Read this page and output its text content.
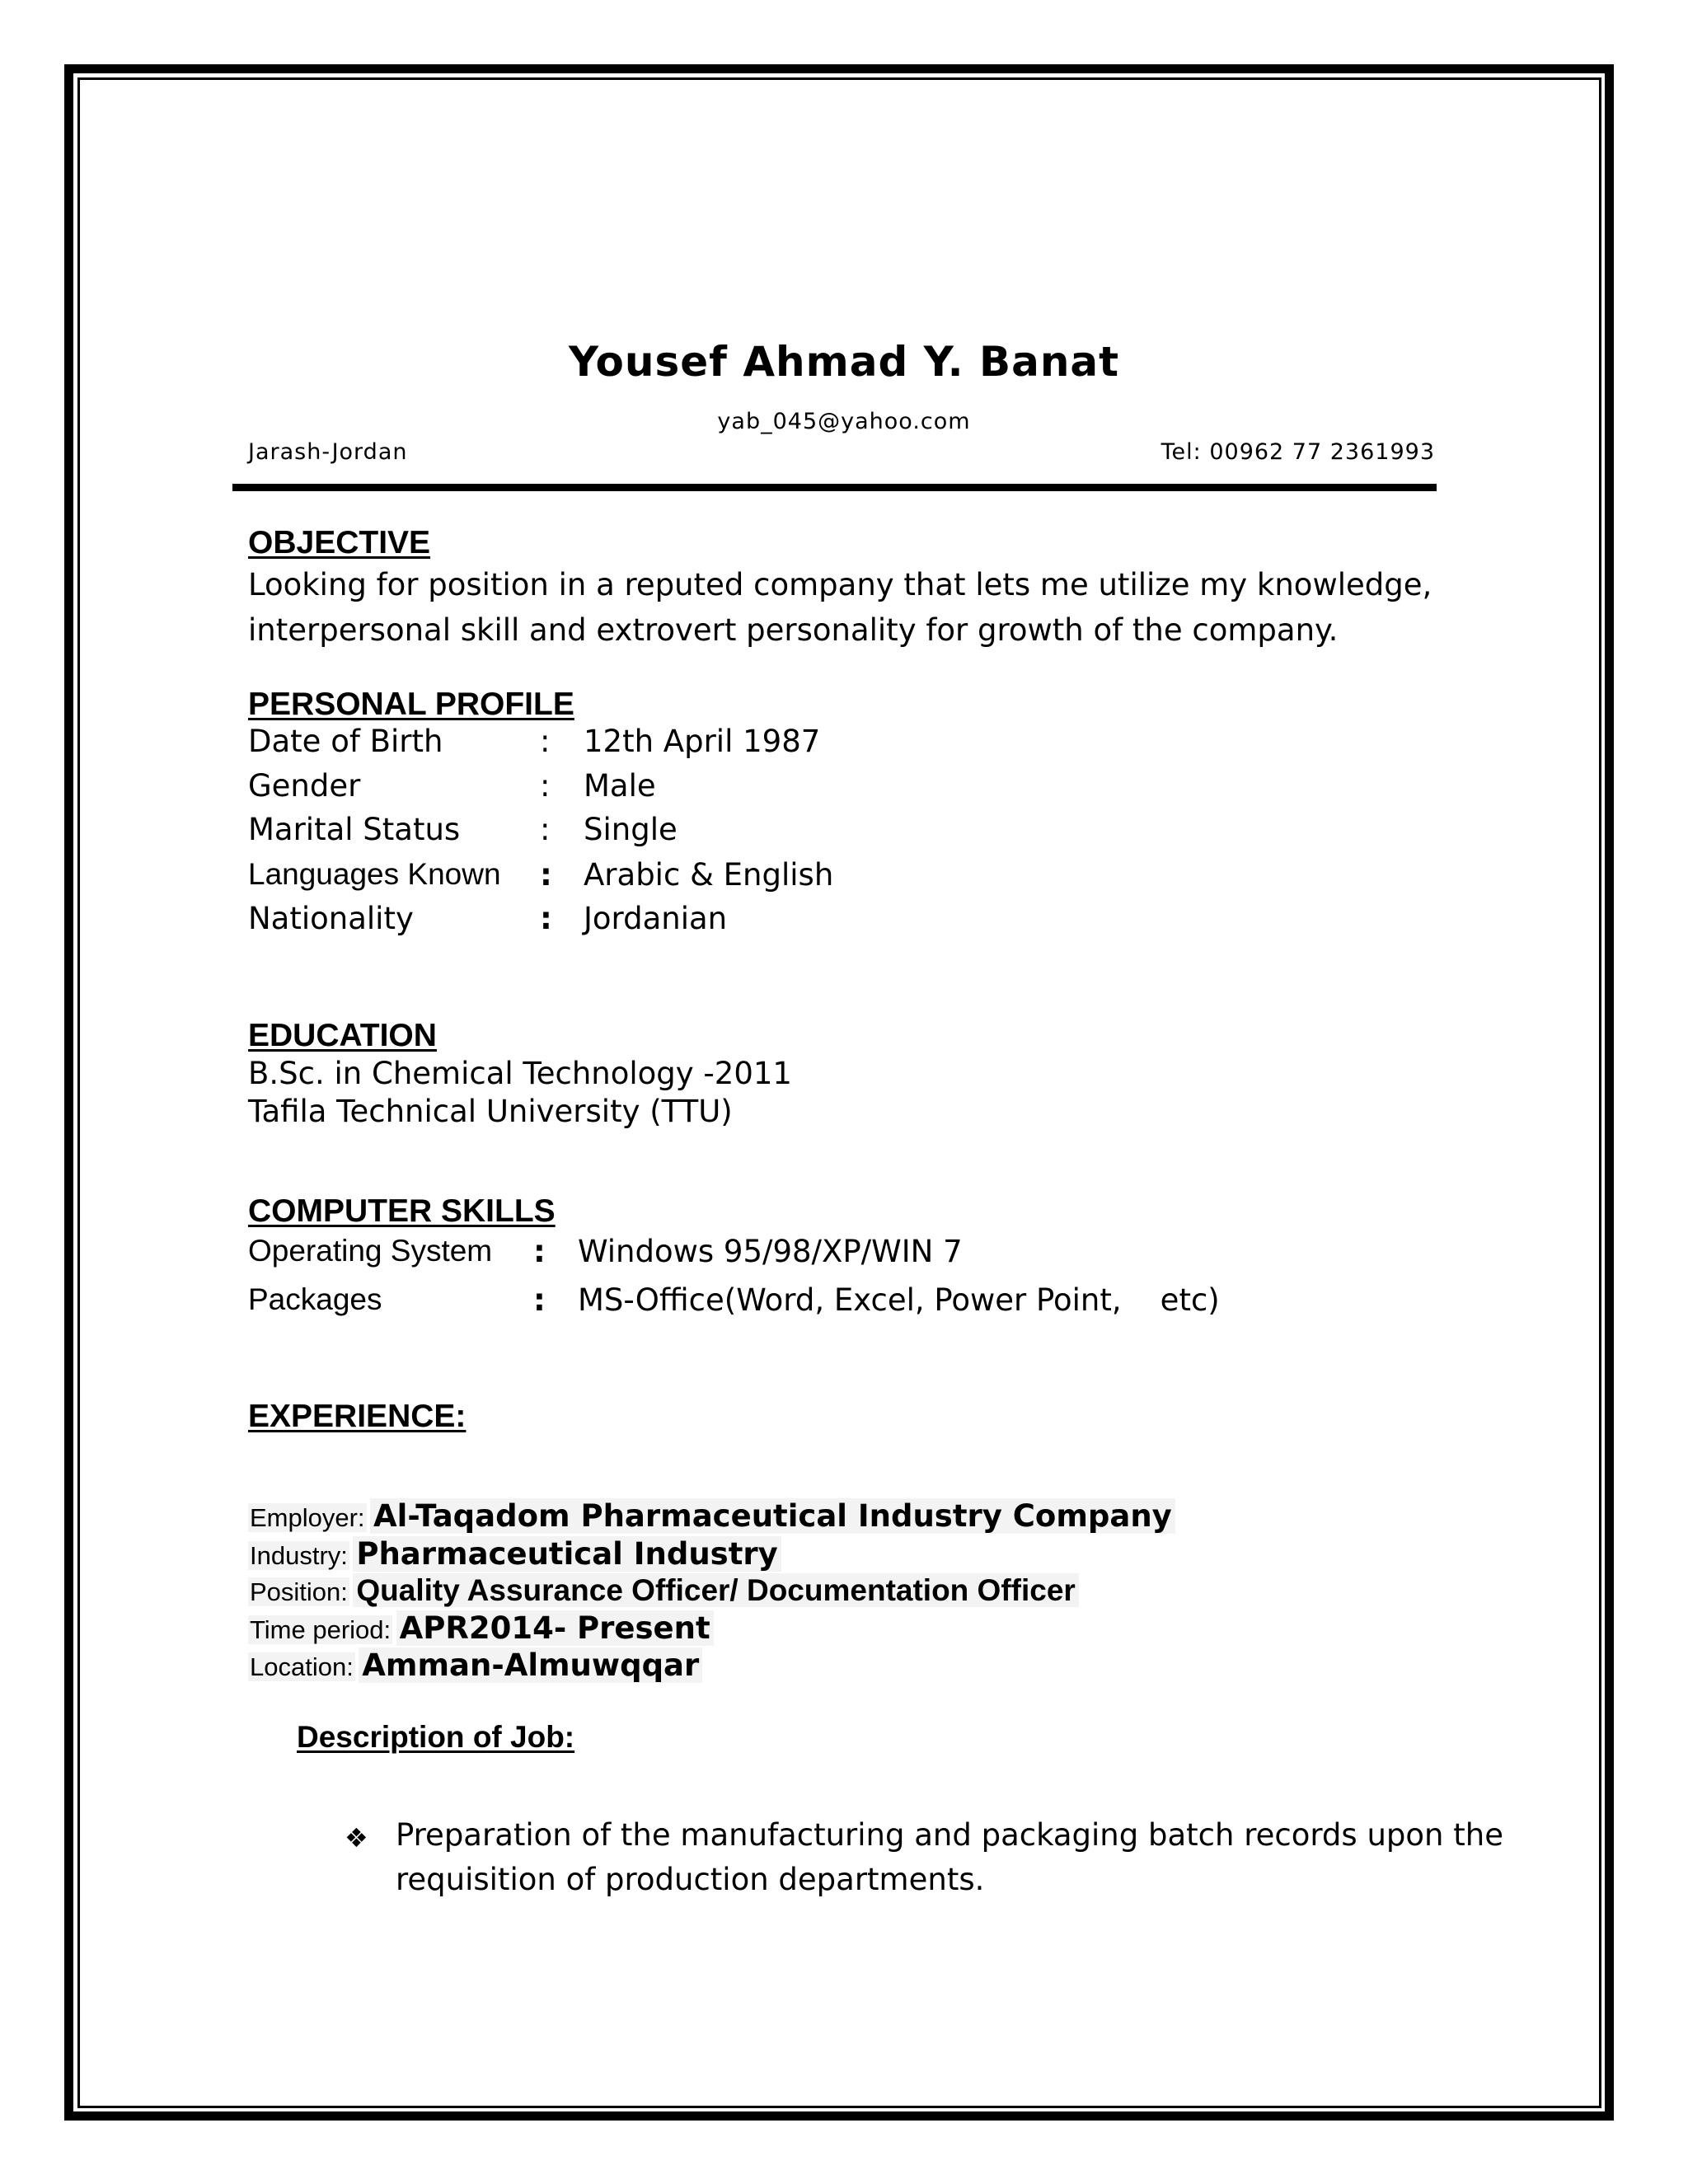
Yousef Ahmad Y. Banat
yab_045@yahoo.com
Jarash-Jordan	Tel: 00962 77 2361993
OBJECTIVE
Looking for position in a reputed company that lets me utilize my knowledge, interpersonal skill and extrovert personality for growth of the company.
PERSONAL PROFILE
Date of Birth	: 12th April 1987
Gender	: Male
Marital Status	: Single
Languages Known : Arabic & English
Nationality	: Jordanian
EDUCATION
B.Sc. in Chemical Technology -2011
Tafila Technical University (TTU)
COMPUTER SKILLS
Operating System : Windows 95/98/XP/WIN 7
Packages	: MS-Office(Word, Excel, Power Point,    etc)
EXPERIENCE:
Employer: Al-Taqadom Pharmaceutical Industry Company
Industry: Pharmaceutical Industry
Position: Quality Assurance Officer/ Documentation Officer
Time period: APR2014- Present
Location: Amman-Almuwqqar
Description of Job:
❖ Preparation of the manufacturing and packaging batch records upon the requisition of production departments.
